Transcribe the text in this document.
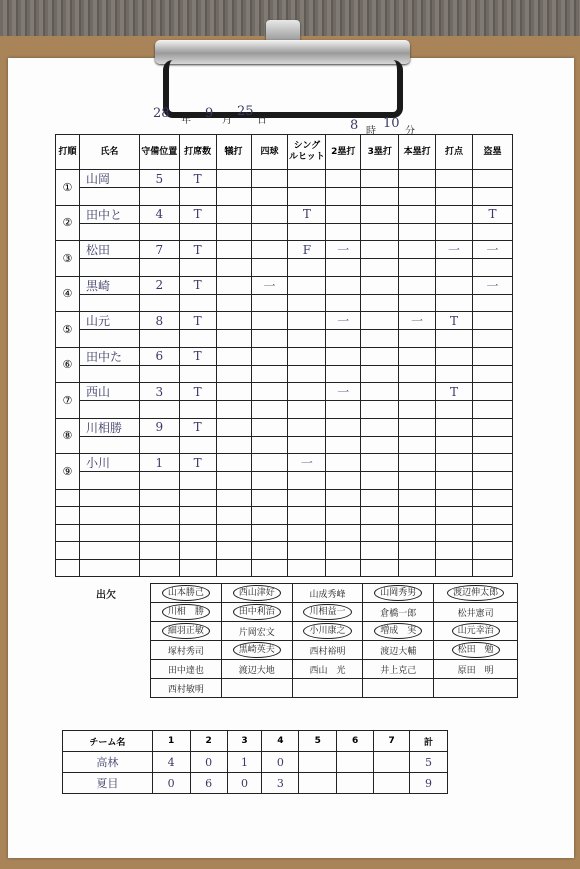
28 年 9 月
25
日	8 時
10
分
打順	氏名	守備位置	打席数	犠打	四球	シング
ルヒット	2塁打	3塁打	本塁打	打点	盗塁
①	山岡	5	T								

②	田中と	4	T			T					T

③	松田	7	T			F	一			一	一

④	黒崎	2	T		一						一

⑤	山元	8	T				一		一	T	

⑥	田中た	6	T								

⑦	西山	3	T				一			T	

⑧	川相勝	9	T								

⑨	小川	1	T			一					

出欠	山本勝己	西山津好	山成秀峰	山岡秀男	渡辺伸太郎
川相　勝	田中利治	川相益一	倉橋一郎	松井憲司
細羽正敏	片岡宏文	小川康之	増成　実	山元幸治
塚村秀司	黒崎英夫	西村裕明	渡辺大輔	松田　勉
田中達也	渡辺大地	西山　光	井上克己	原田　明
西村敏明				
チーム名	1	2	3	4	5	6	7	計
高林	4	0	1	0				5
夏目	0	6	0	3				9
